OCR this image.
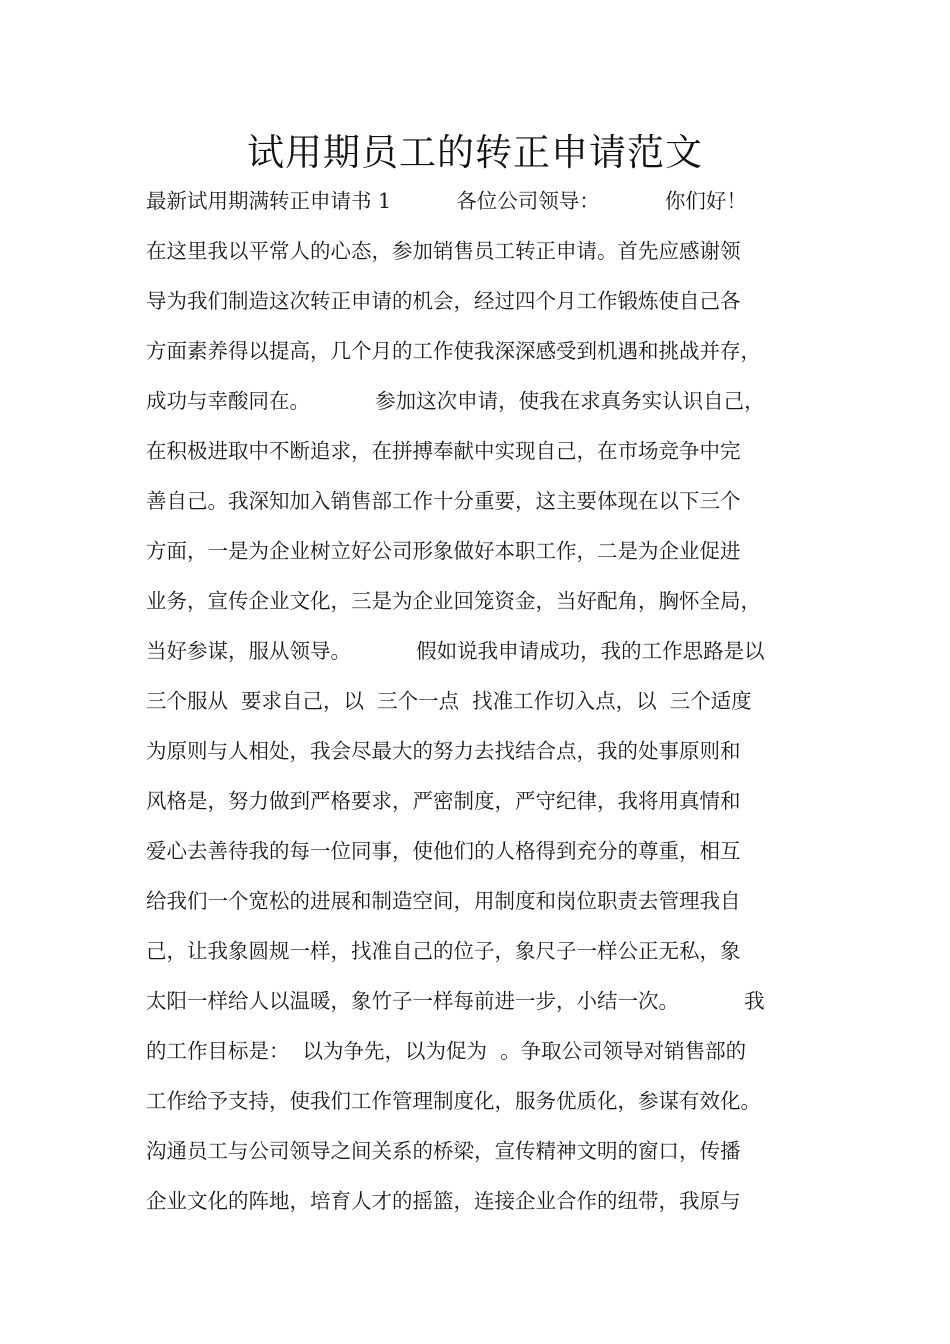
试用期员工的转正申请范文

最新试用期满转正申请书 1          各位公司领导：          你们好！

在这里我以平常人的心态，参加销售员工转正申请。首先应感谢领

导为我们制造这次转正申请的机会，经过四个月工作锻炼使自己各

方面素养得以提高，几个月的工作使我深深感受到机遇和挑战并存，

成功与幸酸同在。          参加这次申请，使我在求真务实认识自己，

在积极进取中不断追求，在拼搏奉献中实现自己，在市场竞争中完

善自己。我深知加入销售部工作十分重要，这主要体现在以下三个

方面，一是为企业树立好公司形象做好本职工作，二是为企业促进

业务，宣传企业文化，三是为企业回笼资金，当好配角，胸怀全局，

当好参谋，服从领导。          假如说我申请成功，我的工作思路是以

三个服从  要求自己，以  三个一点  找准工作切入点，以  三个适度

为原则与人相处，我会尽最大的努力去找结合点，我的处事原则和

风格是，努力做到严格要求，严密制度，严守纪律，我将用真情和

爱心去善待我的每一位同事，使他们的人格得到充分的尊重，相互

给我们一个宽松的进展和制造空间，用制度和岗位职责去管理我自

己，让我象圆规一样，找准自己的位子，象尺子一样公正无私，象

太阳一样给人以温暖，象竹子一样每前进一步，小结一次。          我

的工作目标是：  以为争先，以为促为  。争取公司领导对销售部的

工作给予支持，使我们工作管理制度化，服务优质化，参谋有效化。

沟通员工与公司领导之间关系的桥梁，宣传精神文明的窗口，传播

企业文化的阵地，培育人才的摇篮，连接企业合作的纽带，我原与
